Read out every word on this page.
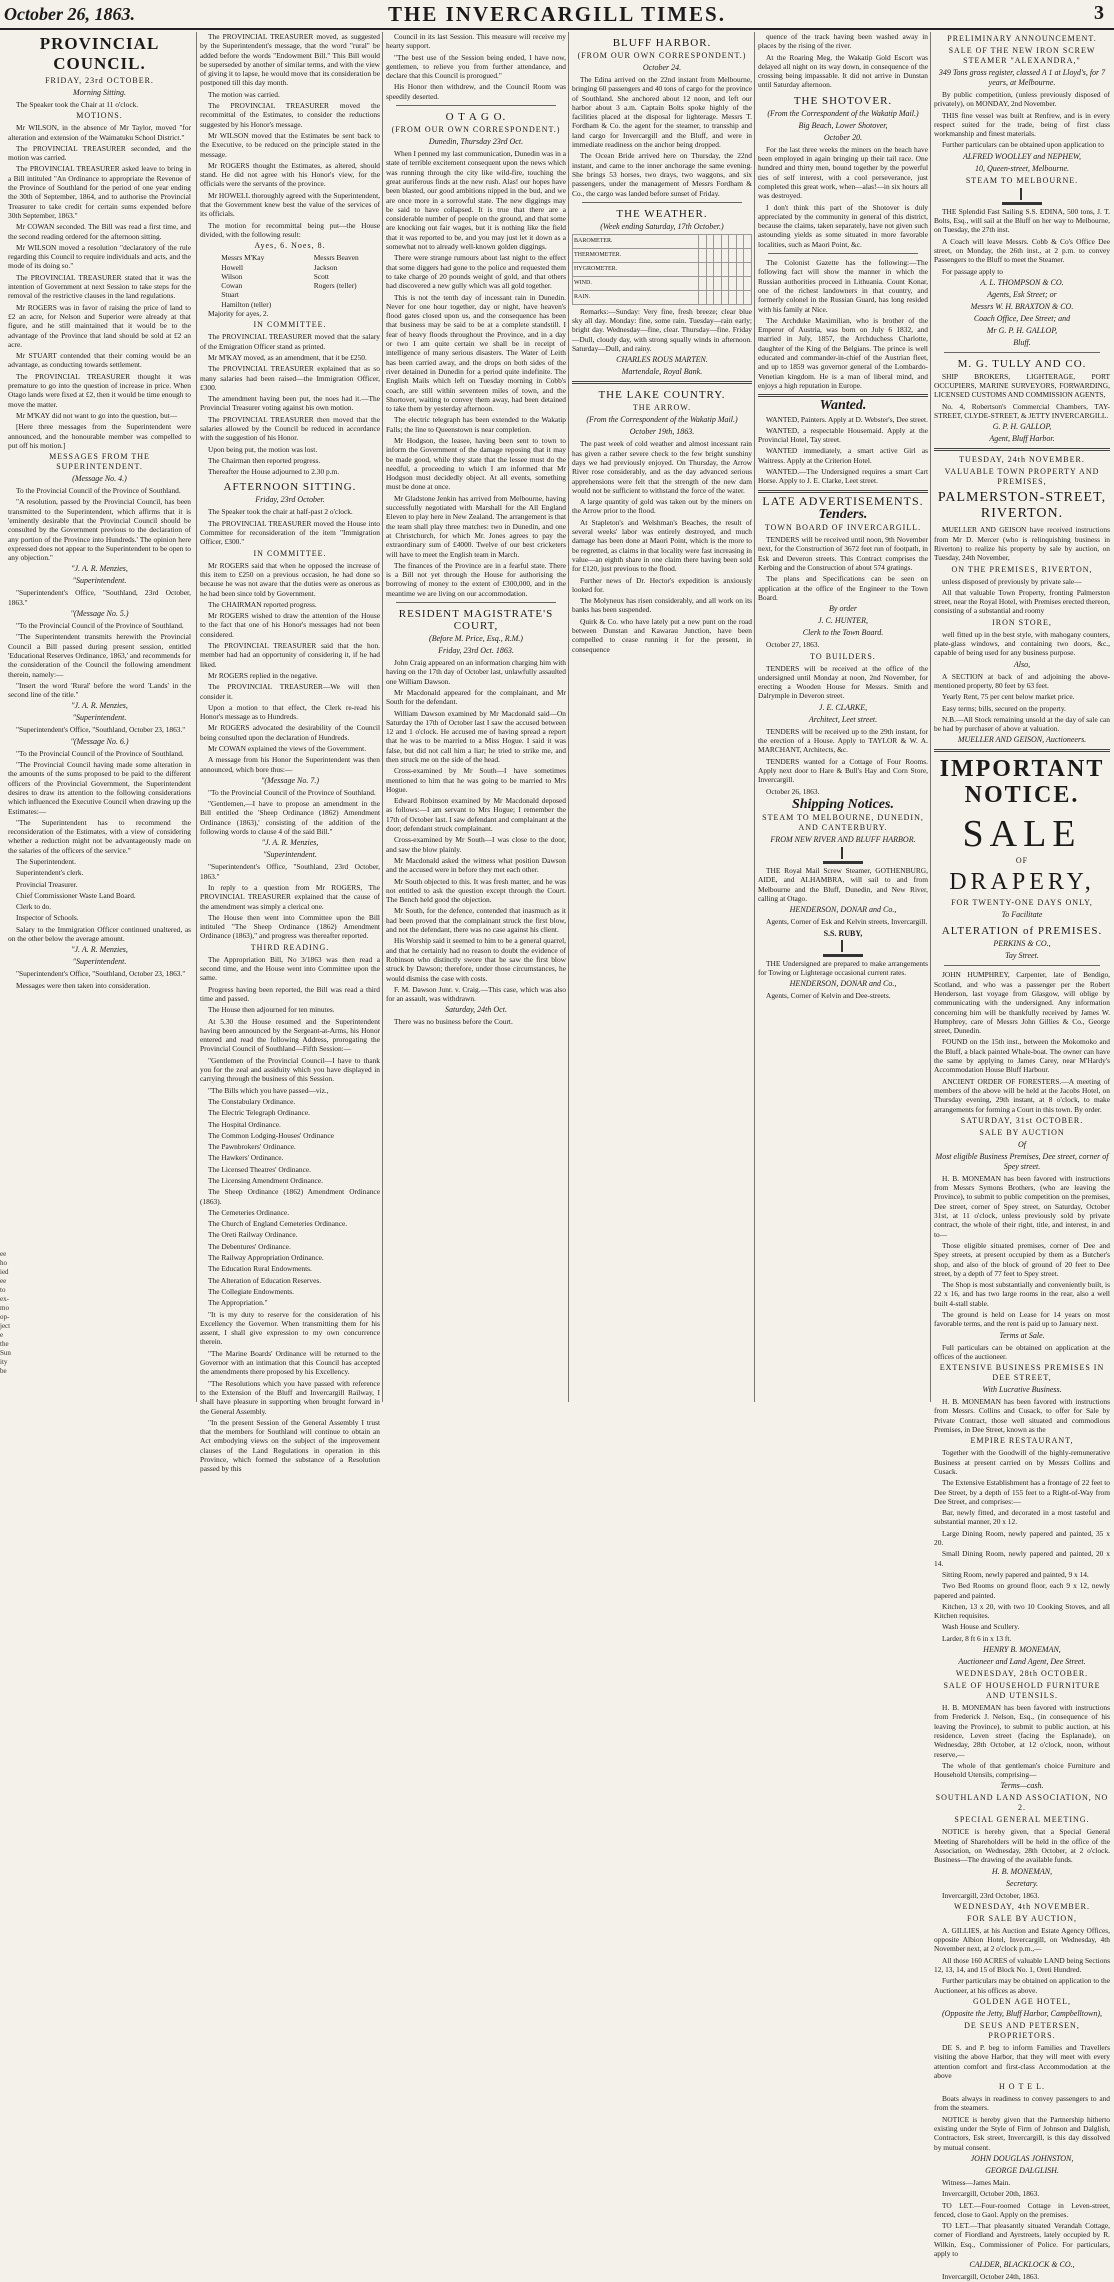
October 26, 1863.	THE INVERCARGILL TIMES.	3
PROVINCIAL COUNCIL.
FRIDAY, 23rd OCTOBER.
Morning Sitting.

The Speaker took the Chair at 11 o'clock.

MOTIONS.

Mr WILSON, in the absence of Mr Taylor, moved "for alteration and extension of the Waimatuku School District."

The PROVINCIAL TREASURER seconded, and the motion was carried.

The PROVINCIAL TREASURER asked leave to bring in a Bill intituled "An Ordinance to appropriate the Revenue of the Province of Southland for the period of one year ending the 30th of September, 1864, and to authorise the Provincial Treasurer to take credit for certain sums expended before 30th September, 1863."

Mr COWAN seconded. The Bill was read a first time, and the second reading ordered for the afternoon sitting.

Mr WILSON moved a resolution "declaratory of the rule regarding this Council to require individuals and acts, and the mode of its doing so."

The PROVINCIAL TREASURER stated that it was the intention of Government at next Session to take steps for the removal of the restrictive clauses in the land regulations.

Mr ROGERS was in favor of raising the price of land to £2 an acre, for Nelson and Superior were already at that figure, and he still maintained that it would be to the advantage of the Province that land should be sold at £2 an acre.

Mr STUART contended that their coming would be an advantage, as conducting towards settlement.

The PROVINCIAL TREASURER thought it was premature to go into the question of increase in price. When Otago lands were fixed at £2, then it would be time enough to move the matter.

Mr M'KAY did not want to go into the question, but—

[Here three messages from the Superintendent were announced, and the honourable member was compelled to put off his motion.]

MESSAGES FROM THE SUPERINTENDENT.
(Message No. 4.)

To the Provincial Council of the Province of Southland.

"A resolution, passed by the Provincial Council, has been transmitted to the Superintendent, which affirms that it is 'eminently desirable that the Provincial Council should be consulted by the Government previous to the declaration of any portion of the Province into Hundreds.' The opinion here expressed does not appear to the Superintendent to be open to any objection."

"J. A. R. Menzies,
"Superintendent.

"Superintendent's Office, "Southland, 23rd October, 1863."

"(Message No. 5.)

"To the Provincial Council of the Province of Southland.

"The Superintendent transmits herewith the Provincial Council a Bill passed during present session, entitled 'Educational Reserves Ordinance, 1863,' and recommends for the consideration of the Council the following amendment therein, namely:—

"Insert the word 'Rural' before the word 'Lands' in the second line of the title."

"J. A. R. Menzies,
"Superintendent.

"Superintendent's Office, "Southland, October 23, 1863."

"(Message No. 6.)

"To the Provincial Council of the Province of Southland.

"The Provincial Council having made some alteration in the amounts of the sums proposed to be paid to the different officers of the Provincial Government, the Superintendent desires to draw its attention to the following considerations which influenced the Executive Council when drawing up the Estimates:—

"The Superintendent has to recommend the reconsideration of the Estimates, with a view of considering whether a reduction might not be advantageously made on the salaries of the officers of the service."

The Superintendent.

Superintendent's clerk.

Provincial Treasurer.

Chief Commissioner Waste Land Board.

Clerk to do.

Inspector of Schools.

Salary to the Immigration Officer continued unaltered, as on the other below the average amount.

"J. A. R. Menzies,
"Superintendent.

"Superintendent's Office, "Southland, October 23, 1863."

Messages were then taken into consideration.

The PROVINCIAL TREASURER moved, as suggested by the Superintendent's message, that the word "rural" be added before the words "Endowment Bill." This Bill would be superseded by another of similar terms, and with the view of giving it to lapse, he would move that its consideration be postponed till this day month.

The motion was carried.

The PROVINCIAL TREASURER moved the recommittal of the Estimates, to consider the reductions suggested by his Honor's message.

Mr WILSON moved that the Estimates be sent back to the Executive, to be reduced on the principle stated in the message.

Mr ROGERS thought the Estimates, as altered, should stand. He did not agree with his Honor's view, for the officials were the servants of the province.

Mr HOWELL thoroughly agreed with the Superintendent, that the Government knew best the value of the services of its officials.

The motion for recommittal being put—the House divided, with the following result:

Ayes, 6. Noes, 8.
Messrs M'Kay
Howell
Wilson
Cowan
Stuart
Hamilton (teller)
Messrs Beaven
Jackson
Scott
Rogers (teller)

Majority for ayes, 2.

IN COMMITTEE.

The PROVINCIAL TREASURER moved that the salary of the Emigration Officer stand as printed.

Mr M'KAY moved, as an amendment, that it be £250.

The PROVINCIAL TREASURER explained that as so many salaries had been raised—the Immigration Officer, £300.

The amendment having been put, the noes had it.—The Provincial Treasurer voting against his own motion.

The PROVINCIAL TREASURER then moved that the salaries allowed by the Council be reduced in accordance with the suggestion of his Honor.

Upon being put, the motion was lost.

The Chairman then reported progress.

Thereafter the House adjourned to 2.30 p.m.

AFTERNOON SITTING.
Friday, 23rd October.

The Speaker took the chair at half-past 2 o'clock.

The PROVINCIAL TREASURER moved the House into Committee for reconsideration of the item "Immigration Officer, £300."

IN COMMITTEE.

Mr ROGERS said that when he opposed the increase of this item to £250 on a previous occasion, he had done so because he was not aware that the duties were as onerous as he had been since told by Government.

The CHAIRMAN reported progress.

Mr ROGERS wished to draw the attention of the House to the fact that one of his Honor's messages had not been considered.

The PROVINCIAL TREASURER said that the hon. member had had an opportunity of considering it, if he had liked.

Mr ROGERS replied in the negative.

The PROVINCIAL TREASURER—We will then consider it.

Upon a motion to that effect, the Clerk re-read his Honor's message as to Hundreds.

Mr ROGERS advocated the desirability of the Council being consulted upon the declaration of Hundreds.

Mr COWAN explained the views of the Government.

A message from his Honor the Superintendent was then announced, which bore thus:—

"(Message No. 7.)

"To the Provincial Council of the Province of Southland.

"Gentlemen,—I have to propose an amendment in the Bill entitled the 'Sheep Ordinance (1862) Amendment Ordinance (1863),' consisting of the addition of the following words to clause 4 of the said Bill."

"J. A. R. Menzies,
"Superintendent.

"Superintendent's Office, "Southland, 23rd October, 1863."

In reply to a question from Mr ROGERS, The PROVINCIAL TREASURER explained that the cause of the amendment was simply a clerical one.

The House then went into Committee upon the Bill intituled "The Sheep Ordinance (1862) Amendment Ordinance (1863)," and progress was thereafter reported.

THIRD READING.

The Appropriation Bill, No 3/1863 was then read a second time, and the House went into Committee upon the same.

Progress having been reported, the Bill was read a third time and passed.

The House then adjourned for ten minutes.

At 5.30 the House resumed and the Superintendent having been announced by the Sergeant-at-Arms, his Honor entered and read the following Address, prorogating the Provincial Council of Southland—Fifth Session:—

"Gentlemen of the Provincial Council—I have to thank you for the zeal and assiduity which you have displayed in carrying through the business of this Session.

"The Bills which you have passed—viz.,

The Constabulary Ordinance.

The Electric Telegraph Ordinance.

The Hospital Ordinance.

The Common Lodging-Houses' Ordinance

The Pawnbrokers' Ordinance.

The Hawkers' Ordinance.

The Licensed Theatres' Ordinance.

The Licensing Amendment Ordinance.

The Sheep Ordinance (1862) Amendment Ordinance (1863).

The Cemeteries Ordinance.

The Church of England Cemeteries Ordinance.

The Oreti Railway Ordinance.

The Debentures' Ordinance.

The Railway Appropriation Ordinance.

The Education Rural Endowments.

The Alteration of Education Reserves.

The Collegiate Endowments.

The Appropriation."

"It is my duty to reserve for the consideration of his Excellency the Governor. When transmitting them for his assent, I shall give expression to my own concurrence therein.

"The Marine Boards' Ordinance will be returned to the Governor with an intimation that this Council has accepted the amendments there proposed by his Excellency.

"The Resolutions which you have passed with reference to the Extension of the Bluff and Invercargill Railway, I shall have pleasure in supporting when brought forward in the General Assembly.

"In the present Session of the General Assembly I trust that the members for Southland will continue to obtain an Act embodying views on the subject of the improvement clauses of the Land Regulations in operation in this Province, which formed the substance of a Resolution passed by this

Council in its last Session. This measure will receive my hearty support.

"The best use of the Session being ended, I have now, gentlemen, to relieve you from further attendance, and declare that this Council is prorogued."

His Honor then withdrew, and the Council Room was speedily deserted.

O T A G O.
(FROM OUR OWN CORRESPONDENT.)
Dunedin, Thursday 23rd Oct.

When I penned my last communication, Dunedin was in a state of terrible excitement consequent upon the news which was running through the city like wild-fire, touching the great auriferous finds at the new rush. Alas! our hopes have been blasted, our good ambitions nipped in the bud, and we are once more in a sorrowful state. The new diggings may be said to have collapsed. It is true that there are a considerable number of people on the ground, and that some are knocking out fair wages, but it is nothing like the field that it was reported to be, and you may just let it down as a somewhat not to already well-known golden diggings.

There were strange rumours about last night to the effect that some diggers had gone to the police and requested them to take charge of 20 pounds weight of gold, and that others had discovered a new gully which was all gold together.

This is not the tenth day of incessant rain in Dunedin. Never for one hour together, day or night, have heaven's flood gates closed upon us, and the consequence has been that business may be said to be at a complete standstill. I fear of heavy floods throughout the Province, and in a day or two I am quite certain we shall be in receipt of intelligence of many serious disasters. The Water of Leith has been carried away, and the drops on both sides of the river detained in Dunedin for a period quite indefinite. The English Mails which left on Tuesday morning in Cobb's coach, are still within seventeen miles of town, and the Shortover, waiting to convey them away, had been detained to take them by yesterday afternoon.

The electric telegraph has been extended to the Wakatip Falls; the line to Queenstown is near completion.

Mr Hodgson, the leasee, having been sent to town to inform the Government of the damage reposing that it may be made good, while they state that the lessee must do the needful, a proceeding to which I am informed that Mr Hodgson must decidedly object. At all events, something must be done at once.

Mr Gladstone Jenkin has arrived from Melbourne, having successfully negotiated with Marshall for the All England Eleven to play here in New Zealand. The arrangement is that the team shall play three matches: two in Dunedin, and one at Christchurch, for which Mr. Jones agrees to pay the extraordinary sum of £4000. Twelve of our best cricketers will have to meet the English team in March.

The finances of the Province are in a fearful state. There is a Bill not yet through the House for authorising the borrowing of money to the extent of £300,000, and in the meantime we are living on our accommodation.

RESIDENT MAGISTRATE'S COURT,
(Before M. Price, Esq., R.M.)
Friday, 23rd Oct. 1863.

John Craig appeared on an information charging him with having on the 17th day of October last, unlawfully assaulted one William Dawson.

Mr Macdonald appeared for the complainant, and Mr South for the defendant.

William Dawson examined by Mr Macdonald said—On Saturday the 17th of October last I saw the accused between 12 and 1 o'clock. He accused me of having spread a report that he was to be married to a Miss Hogue. I said it was false, but did not call him a liar; he tried to strike me, and then struck me on the side of the head.

Cross-examined by Mr South—I have sometimes mentioned to him that he was going to be married to Mrs Hogue.

Edward Robinson examined by Mr Macdonald deposed as follows:—I am servant to Mrs Hogue; I remember the 17th of October last. I saw defendant and complainant at the door; defendant struck complainant.

Cross-examined by Mr South—I was close to the door, and saw the blow plainly.

Mr Macdonald asked the witness what position Dawson and the accused were in before they met each other.

Mr South objected to this. It was fresh matter, and he was not entitled to ask the question except through the Court. The Bench held good the objection.

Mr South, for the defence, contended that inasmuch as it had been proved that the complainant struck the first blow, and not the defendant, there was no case against his client.

His Worship said it seemed to him to be a general quarrel, and that he certainly had no reason to doubt the evidence of Robinson who distinctly swore that he saw the first blow struck by Dawson; therefore, under those circumstances, he would dismiss the case with costs.

F. M. Dawson Junr. v. Craig.—This case, which was also for an assault, was withdrawn.

Saturday, 24th Oct.

There was no business before the Court.

BLUFF HARBOR.
(FROM OUR OWN CORRESPONDENT.)
October 24.

The Edina arrived on the 22nd instant from Melbourne, bringing 60 passengers and 40 tons of cargo for the province of Southland. She anchored about 12 noon, and left our harbor about 3 a.m. Captain Bolts spoke highly of the facilities placed at the disposal for lighterage. Messrs T. Fordham & Co. the agent for the steamer, to transship and land cargo for Invercargill and the Bluff, and were in immediate readiness on the anchor being dropped.

The Ocean Bride arrived here on Thursday, the 22nd instant, and came to the inner anchorage the same evening. She brings 53 horses, two drays, two waggons, and six passengers, under the management of Messrs Fordham & Co., the cargo was landed before sunset of Friday.

THE WEATHER.
(Week ending Saturday, 17th October.)
BAROMETER.							
THERMOMETER.							
HYGROMETER.							
WIND.							
RAIN.							

Remarks:—Sunday: Very fine, fresh breeze; clear blue sky all day. Monday: fine, some rain. Tuesday—rain early; bright day. Wednesday—fine, clear. Thursday—fine. Friday—Dull, cloudy day, with strong squally winds in afternoon. Saturday—Dull, and rainy.

CHARLES ROUS MARTEN.
Martendale, Royal Bank.
THE LAKE COUNTRY.
THE ARROW.
(From the Correspondent of the Wakatip Mail.)
October 19th, 1863.

The past week of cold weather and almost incessant rain has given a rather severe check to the few bright sunshiny days we had previously enjoyed. On Thursday, the Arrow River rose considerably, and as the day advanced serious apprehensions were felt that the strength of the new dam would not be sufficient to withstand the force of the water.

A large quantity of gold was taken out by the miners on the Arrow prior to the flood.

At Stapleton's and Welshman's Beaches, the result of several weeks' labor was entirely destroyed, and much damage has been done at Maori Point, which is the more to be regretted, as claims in that locality were fast increasing in value—an eighth share in one claim there having been sold for £120, just previous to the flood.

Further news of Dr. Hector's expedition is anxiously looked for.

The Molyneux has risen considerably, and all work on its banks has been suspended.

Quirk & Co. who have lately put a new punt on the road between Dunstan and Kawarau Junction, have been compelled to cease running it for the present, in consequence

quence of the track having been washed away in places by the rising of the river.

At the Roaring Meg, the Wakatip Gold Escort was delayed all night on its way down, in consequence of the crossing being impassable. It did not arrive in Dunstan until Saturday afternoon.

THE SHOTOVER.
(From the Correspondent of the Wakatip Mail.)
Big Beach, Lower Shotover,
October 20.

For the last three weeks the miners on the beach have been employed in again bringing up their tail race. One hundred and thirty men, bound together by the powerful ties of self interest, with a cool perseverance, just completed this great work, when—alas!—in six hours all was destroyed.

I don't think this part of the Shotover is duly appreciated by the community in general of this district, because the claims, taken separately, have not given such astounding yields as some situated in more favorable localities, such as Maori Point, &c.

The Colonist Gazette has the following:—The following fact will show the manner in which the Russian authorities proceed in Lithuania. Count Konar, one of the richest landowners in that country, and formerly colonel in the Russian Guard, has long resided with his family at Nice.

The Archduke Maximilian, who is brother of the Emperor of Austria, was born on July 6 1832, and married in July, 1857, the Archduchess Charlotte, daughter of the King of the Belgians. The prince is well educated and commander-in-chief of the Austrian fleet, and up to 1859 was governor general of the Lombardo-Venetian kingdom. He is a man of liberal mind, and enjoys a high reputation in Europe.

Wanted.

WANTED, Painters. Apply at D. Webster's, Dee street.

WANTED, a respectable Housemaid. Apply at the Provincial Hotel, Tay street.

WANTED immediately, a smart active Girl as Waitress. Apply at the Criterion Hotel.

WANTED.—The Undersigned requires a smart Cart Horse. Apply to J. E. Clarke, Leet street.

LATE ADVERTISEMENTS.
Tenders.
TOWN BOARD OF INVERCARGILL.

TENDERS will be received until noon, 9th November next, for the Construction of 3672 feet run of footpath, in Esk and Deveron streets. This Contract comprises the Kerbing and the Construction of about 574 gratings.

The plans and Specifications can be seen on application at the office of the Engineer to the Town Board.

By order
J. C. HUNTER,
Clerk to the Town Board.

October 27, 1863.

TO BUILDERS.

TENDERS will be received at the office of the undersigned until Monday at noon, 2nd November, for erecting a Wooden House for Messrs. Smith and Dalrymple in Deveron street.

J. E. CLARKE,
Architect, Leet street.

TENDERS will be received up to the 29th instant, for the erection of a House. Apply to TAYLOR & W. A. MARCHANT, Architects, &c.

TENDERS wanted for a Cottage of Four Rooms. Apply next door to Hare & Bull's Hay and Corn Store, Invercargill.

October 26, 1863.

Shipping Notices.
STEAM TO MELBOURNE, DUNEDIN, AND CANTERBURY.
FROM NEW RIVER AND BLUFF HARBOR.

THE Royal Mail Screw Steamer, GOTHENBURG, AIDE, and ALHAMBRA, will sail to and from Melbourne and the Bluff, Dunedin, and New River, calling at Otago.

HENDERSON, DONAR and Co.,

Agents, Corner of Esk and Kelvin streets, Invercargill.

S.S. RUBY,

THE Undersigned are prepared to make arrangements for Towing or Lighterage occasional current rates.

HENDERSON, DONAR and Co.,

Agents, Corner of Kelvin and Dee-streets.

PRELIMINARY ANNOUNCEMENT.
SALE OF THE NEW IRON SCREW STEAMER "ALEXANDRA,"
349 Tons gross register, classed A 1 at Lloyd's, for 7 years, at Melbourne.

By public competition, (unless previously disposed of privately), on MONDAY, 2nd November.

THIS fine vessel was built at Renfrew, and is in every respect suited for the trade, being of first class workmanship and finest materials.

Further particulars can be obtained upon application to

ALFRED WOOLLEY and NEPHEW,
10, Queen-street, Melbourne.
STEAM TO MELBOURNE.

THE Splendid Fast Sailing S.S. EDINA, 500 tons, J. T. Bolts, Esq., will sail at the Bluff on her way to Melbourne, on Tuesday, the 27th inst.

A Coach will leave Messrs. Cobb & Co's Office Dee street, on Monday, the 26th inst., at 2 p.m. to convey Passengers to the Bluff to meet the Steamer.

For passage apply to

A. L. THOMPSON & CO.
Agents, Esk Street; or
Messrs W. H. BRAXTON & CO.
Coach Office, Dee Street; and
Mr G. P. H. GALLOP,
Bluff.
M. G. TULLY AND CO.

SHIP BROKERS, LIGHTERAGE, PORT OCCUPIERS, MARINE SURVEYORS, FORWARDING, LICENSED CUSTOMS AND COMMISSION AGENTS,

No. 4, Robertson's Commercial Chambers, TAY-STREET, CLYDE-STREET, & JETTY INVERCARGILL.

G. P. H. GALLOP,
Agent, Bluff Harbor.
TUESDAY, 24th NOVEMBER.
VALUABLE TOWN PROPERTY AND PREMISES,
PALMERSTON-STREET, RIVERTON.

MUELLER AND GEISON have received instructions from Mr D. Mercer (who is relinquishing business in Riverton) to realize his property by sale by auction, on Tuesday, 24th November,

ON THE PREMISES, RIVERTON,

unless disposed of previously by private sale—

All that valuable Town Property, fronting Palmerston street, near the Royal Hotel, with Premises erected thereon, consisting of a substantial and roomy

IRON STORE,

well fitted up in the best style, with mahogany counters, plate-glass windows, and containing two doors, &c., capable of being used for any business purpose.

Also,

A SECTION at back of and adjoining the above-mentioned property, 80 feet by 63 feet.

Yearly Rent, 75 per cent below market price.

Easy terms; bills, secured on the property.

N.B.—All Stock remaining unsold at the day of sale can be had by purchaser of above at valuation.

MUELLER AND GEISON, Auctioneers.
IMPORTANT NOTICE.
SALE
OF
DRAPERY,
FOR TWENTY-ONE DAYS ONLY,
To Facilitate
ALTERATION of PREMISES.
PERKINS & CO.,
Tay Street.

JOHN HUMPHREY, Carpenter, late of Bendigo, Scotland, and who was a passenger per the Robert Henderson, last voyage from Glasgow, will oblige by communicating with the undersigned. Any information concerning him will be thankfully received by James W. Humphrey, care of Messrs John Gillies & Co., George street, Dunedin.

FOUND on the 15th inst., between the Mokomoko and the Bluff, a black painted Whale-boat. The owner can have the same by applying to James Carey, near M'Hardy's Accommodation House Bluff Harbour.

ANCIENT ORDER OF FORESTERS.—A meeting of members of the above will be held at the Jacobs Hotel, on Thursday evening, 29th instant, at 8 o'clock, to make arrangements for forming a Court in this town. By order.

SATURDAY, 31st OCTOBER.
SALE BY AUCTION
Of
Most eligible Business Premises, Dee street, corner of Spey street.

H. B. MONEMAN has been favored with instructions from Messrs Symons Brothers, (who are leaving the Province), to submit to public competition on the premises, Dee street, corner of Spey street, on Saturday, October 31st, at 11 o'clock, unless previously sold by private contract, the whole of their right, title, and interest, in and to—

Those eligible situated premises, corner of Dee and Spey streets, at present occupied by them as a Butcher's shop, and also of the block of ground of 20 feet to Dee street, by a depth of 77 feet to Spey street.

The Shop is most substantially and conveniently built, is 22 x 16, and has two large rooms in the rear, also a well built 4-stall stable.

The ground is held on Lease for 14 years on most favorable terms, and the rent is paid up to January next.

Terms at Sale.

Full particulars can be obtained on application at the offices of the auctioneer.

EXTENSIVE BUSINESS PREMISES IN DEE STREET,
With Lucrative Business.

H. B. MONEMAN has been favored with instructions from Messrs. Collins and Cusack, to offer for Sale by Private Contract, those well situated and commodious Premises, in Dee Street, known as the

EMPIRE RESTAURANT,

Together with the Goodwill of the highly-remunerative Business at present carried on by Messrs Collins and Cusack.

The Extensive Establishment has a frontage of 22 feet to Dee Street, by a depth of 155 feet to a Right-of-Way from Dee Street, and comprises:—

Bar, newly fitted, and decorated in a most tasteful and substantial manner, 20 x 12.

Large Dining Room, newly papered and painted, 35 x 20.

Small Dining Room, newly papered and painted, 20 x 14.

Sitting Room, newly papered and painted, 9 x 14.

Two Bed Rooms on ground floor, each 9 x 12, newly papered and painted.

Kitchen, 13 x 20, with two 10 Cooking Stoves, and all Kitchen requisites.

Wash House and Scullery.

Larder, 8 ft 6 in x 13 ft.

HENRY B. MONEMAN,
Auctioneer and Land Agent, Dee Street.
WEDNESDAY, 28th OCTOBER.
SALE OF HOUSEHOLD FURNITURE AND UTENSILS.

H. B. MONEMAN has been favored with instructions from Frederick J. Nelson, Esq., (in consequence of his leaving the Province), to submit to public auction, at his residence, Leven street (facing the Esplanade), on Wednesday, 28th October, at 12 o'clock, noon, without reserve,—

The whole of that gentleman's choice Furniture and Household Utensils, comprising—

Terms—cash.
SOUTHLAND LAND ASSOCIATION, NO 2.
SPECIAL GENERAL MEETING.

NOTICE is hereby given, that a Special General Meeting of Shareholders will be held in the office of the Association, on Wednesday, 28th October, at 2 o'clock. Business—The drawing of the available funds.

H. B. MONEMAN,
Secretary.

Invercargill, 23rd October, 1863.

WEDNESDAY, 4th NOVEMBER.
FOR SALE BY AUCTION,

A. GILLIES, at his Auction and Estate Agency Offices, opposite Albion Hotel, Invercargill, on Wednesday, 4th November next, at 2 o'clock p.m.,—

All those 160 ACRES of valuable LAND being Sections 12, 13, 14, and 15 of Block No. 1, Oreti Hundred.

Further particulars may be obtained on application to the Auctioneer, at his offices as above.

GOLDEN AGE HOTEL,
(Opposite the Jetty, Bluff Harbor, Campbelltown),
DE SEUS AND PETERSEN, PROPRIETORS.

DE S. and P. beg to inform Families and Travellers visiting the above Harbor, that they will meet with every attention comfort and first-class Accommodation at the above

H O T E L.

Boats always in readiness to convey passengers to and from the steamers.

NOTICE is hereby given that the Partnership hitherto existing under the Style of Firm of Johnson and Dalglish, Contractors, Esk street, Invercargill, is this day dissolved by mutual consent.

JOHN DOUGLAS JOHNSTON,
GEORGE DALGLISH.

Witness—James Main.

Invercargill, October 20th, 1863.

TO LET.—Four-roomed Cottage in Leven-street, fenced, close to Gaol. Apply on the premises.

TO LET.—That pleasantly situated Verandah Cottage, corner of Fiordland and Ayrstreets, lately occupied by R. Wilkin, Esq., Commissioner of Police. For particulars, apply to

CALDER, BLACKLOCK & CO.,

Invercargill, October 24th, 1863.

ee
ho
ied
ee
to
ex-
mo
op-
ject
e
the
Sun
ity
be
